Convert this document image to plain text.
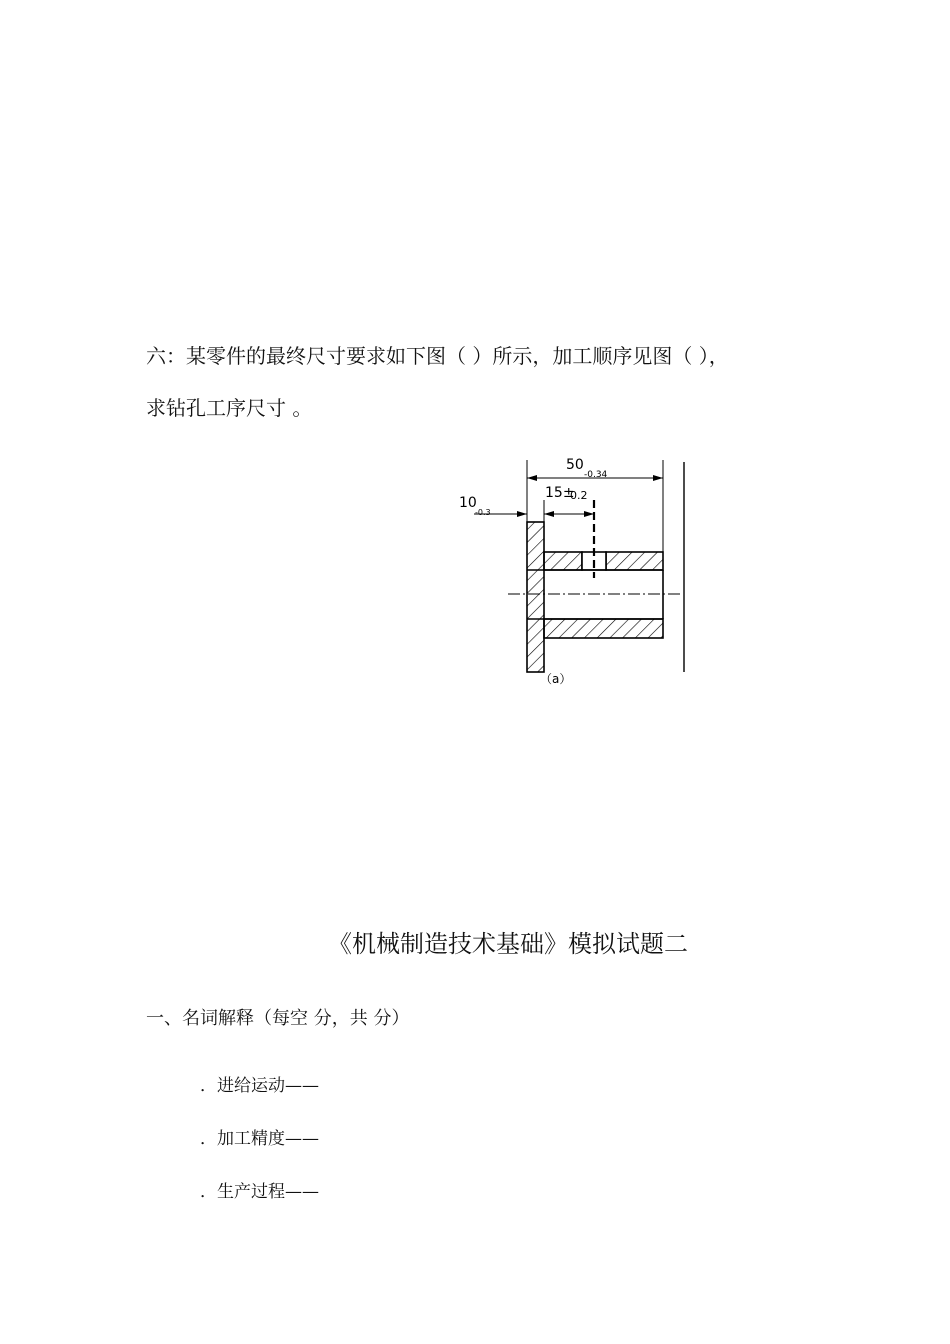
六：某零件的最终尺寸要求如下图（ ）所示，加工顺序见图（ ），
求钻孔工序尺寸 。
50
-0.34
15±
0.2
10
-0.3
（a）
《机械制造技术基础》模拟试题二
一、名词解释（每空 分，共 分）
．进给运动——
．加工精度——
．生产过程——
